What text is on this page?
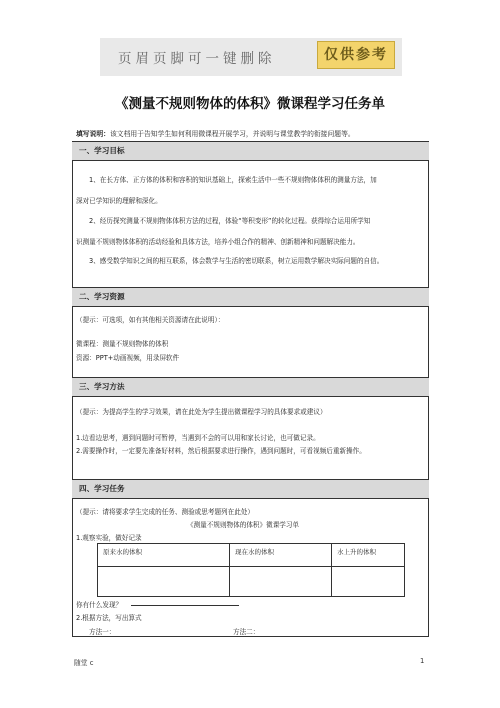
页眉页脚可一键删除	仅供参考
《测量不规则物体的体积》微课程学习任务单
填写说明：该文档用于告知学生如何利用微课程开展学习，并说明与课堂教学的衔接问题等。
一、学习目标
1、在长方体、正方体的体积和容积的知识基础上，探索生活中一些不规则物体体积的测量方法，加
深对已学知识的理解和深化。
2、经历探究测量不规则物体体积方法的过程，体验“等积变形”的转化过程。获得综合运用所学知
识测量不规则物体体积的活动经验和具体方法，培养小组合作的精神、创新精神和问题解决能力。
3、感受数学知识之间的相互联系，体会数学与生活的密切联系，树立运用数学解决实际问题的自信。
二、学习资源
（提示：可选项，如有其他相关资源请在此说明）：
微课程：测量不规则物体的体积
资源：PPT+动画视频，用录屏软件
三、学习方法
（提示：为提高学生的学习效果，请在此处为学生提出微课程学习的具体要求或建议）
1.边看边思考，遇到问题时可暂停，当遇到不会的可以用和家长讨论，也可做记录。
2.需要操作时，一定要先准备好材料，然后根据要求进行操作，遇到问题时，可看视频后重新操作。
四、学习任务
（提示：请将要求学生完成的任务、测验或思考题列在此处）
《测量不规则物体的体积》微课学习单
1.观察实验，做好记录
原来水的体积	现在水的体积	水上升的体积
你有什么发现？
2.根据方法，写出算式
方法一：	方法二：
随堂 c	1
